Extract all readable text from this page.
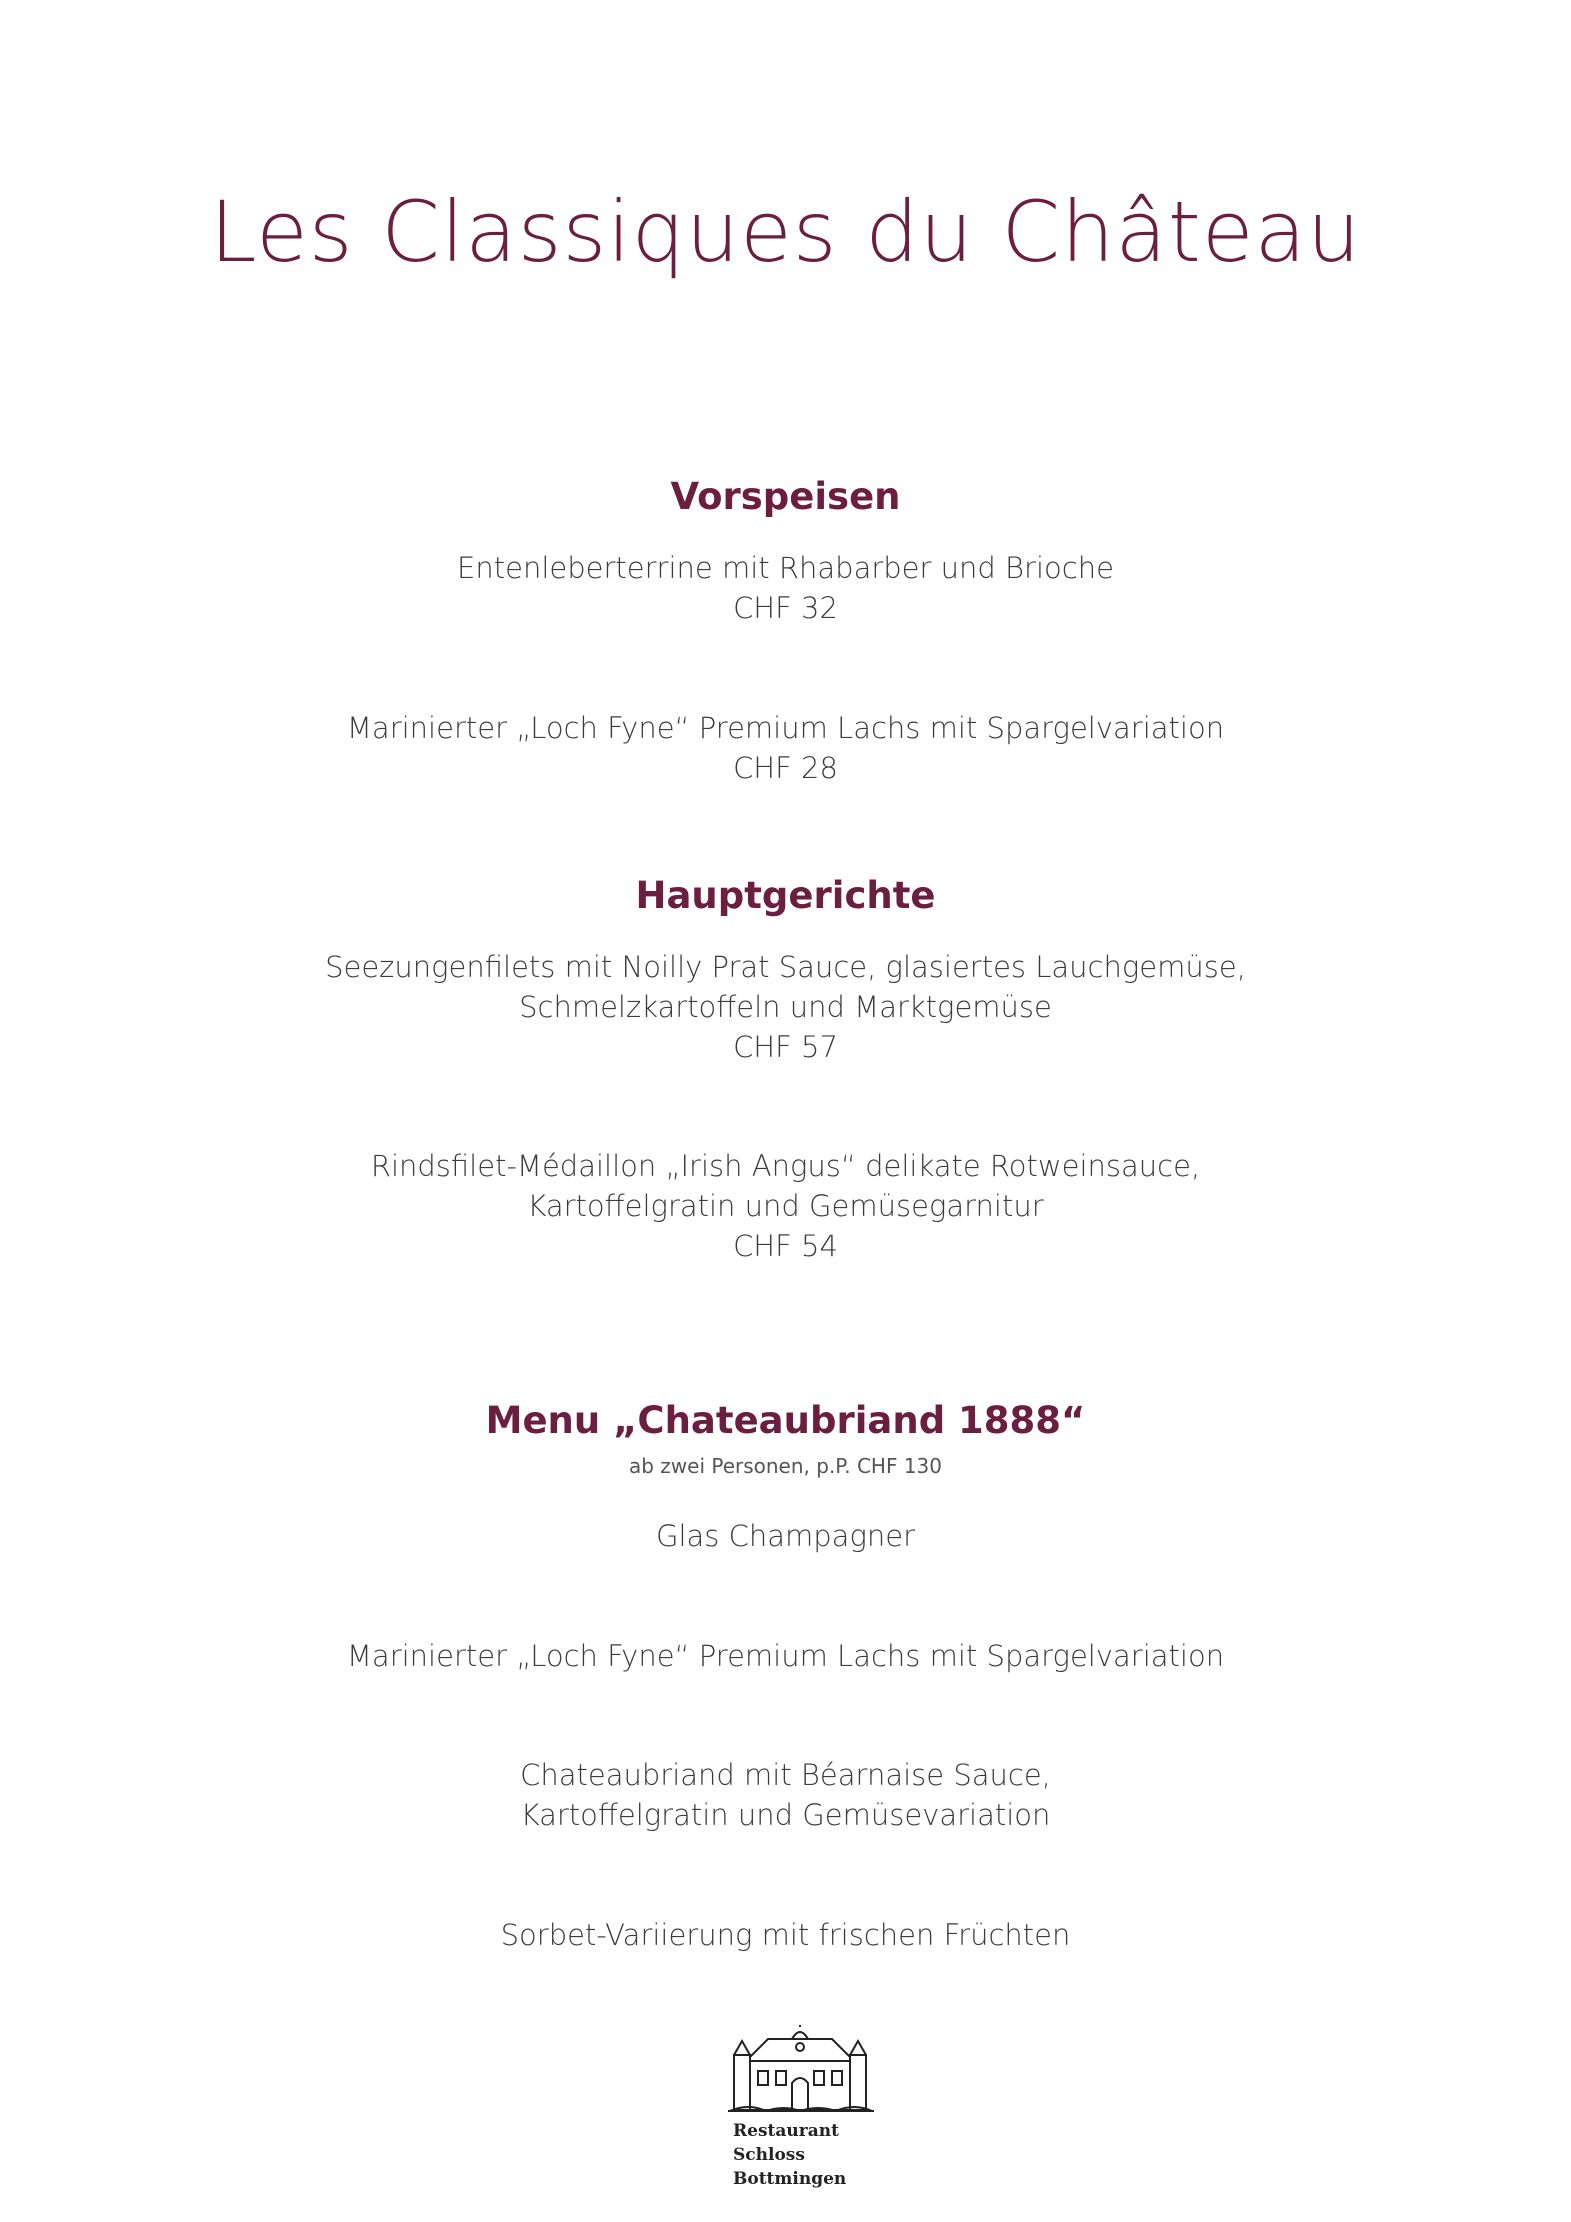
Les Classiques du Château
Vorspeisen
Entenleberterrine mit Rhabarber und Brioche
CHF 32
Marinierter „Loch Fyne“ Premium Lachs mit Spargelvariation
CHF 28
Hauptgerichte
Seezungenfilets mit Noilly Prat Sauce, glasiertes Lauchgemüse,
Schmelzkartoffeln und Marktgemüse
CHF 57
Rindsfilet-Médaillon „Irish Angus“ delikate Rotweinsauce,
Kartoffelgratin und Gemüsegarnitur
CHF 54
Menu „Chateaubriand 1888“
ab zwei Personen, p.P. CHF 130
Glas Champagner
Marinierter „Loch Fyne“ Premium Lachs mit Spargelvariation
Chateaubriand mit Béarnaise Sauce,
Kartoffelgratin und Gemüsevariation
Sorbet-Variierung mit frischen Früchten
Restaurant
Schloss
Bottmingen
